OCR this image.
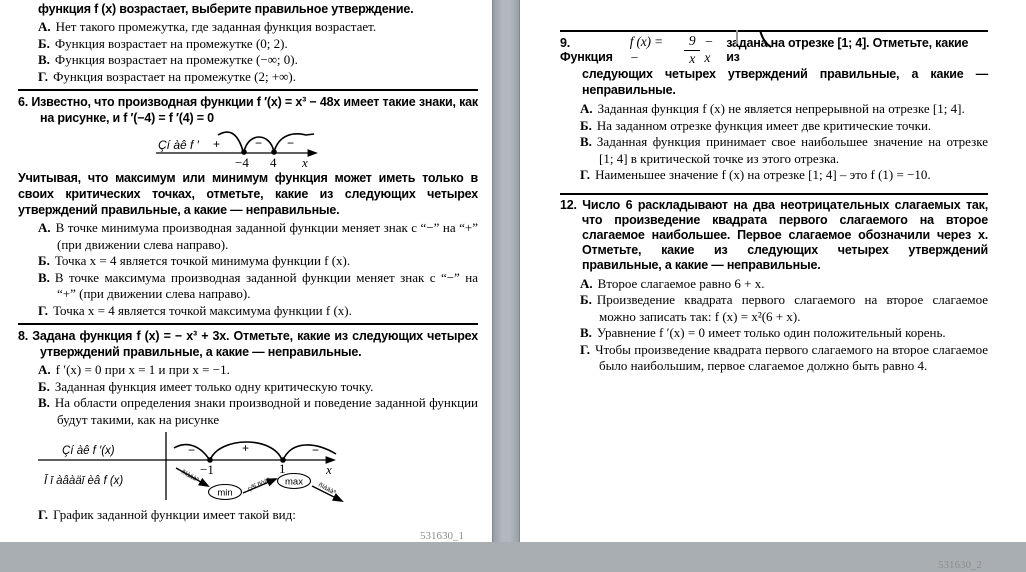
функция f (x) возрастает, выберите правильное утверждение.
А. Нет такого промежутка, где заданная функция возрастает.
Б. Функция возрастает на промежутке (0; 2).
В. Функция возрастает на промежутке (−∞; 0).
Г. Функция возрастает на промежутке (2; +∞).
6. Известно, что производная функции f ′(x) = x³ − 48x имеет такие знаки, как на рисунке, и f ′(−4) = f ′(4) = 0
Çí àê f ′ +	− −
−4 4 x
Учитывая, что максимум или минимум функция может иметь только в своих критических точках, отметьте, какие из следующих четырех утверждений правильные, а какие — неправильные.
А. В точке минимума производная заданной функции меняет знак с “−” на “+” (при движении слева направо).
Б. Точка x = 4 является точкой минимума функции f (x).
В. В точке максимума производная заданной функции меняет знак с “−” на “+” (при движении слева направо).
Г. Точка x = 4 является точкой максимума функции f (x).
8. Задана функция f (x) = − x³ + 3x. Отметьте, какие из следующих четырех утверждений правильные, а какие — неправильные.
А. f ′(x) = 0 при x = 1 и при x = −1.
Б. Заданная функция имеет только одну критическую точку.
В. На области определения знаки производной и поведение заданной функции будут такими, как на рисунке
Çí àê f ′(x)
Ī ī àâàäī èâ f (x)
−	+	−
−1	1	x
ñïàäàº
min
çðî ñòàº max ñïàäàº
Г. График заданной функции имеет такой вид:
531630_1
9. Функция
f (x) = −	$\frac{9}{x} - x$
задана на отрезке [1; 4]. Отметьте, какие из
следующих четырех утверждений правильные, а какие — неправильные.
А. Заданная функция f (x) не является непрерывной на отрезке [1; 4].
Б. На заданном отрезке функция имеет две критические точки.
В. Заданная функция принимает свое наибольшее значение на отрезке [1; 4] в критической точке из этого отрезка.
Г. Наименьшее значение f (x) на отрезке [1; 4] – это f (1) = −10.
12. Число 6 раскладывают на два неотрицательных слагаемых так, что произведение квадрата первого слагаемого на второе слагаемое наибольшее. Первое слагаемое обозначили через x. Отметьте, какие из следующих четырех утверждений правильные, а какие — неправильные.
А. Второе слагаемое равно 6 + x.
Б. Произведение квадрата первого слагаемого на второе слагаемое можно записать так: f (x) = x²(6 + x).
В. Уравнение f ′(x) = 0 имеет только один положительный корень.
Г. Чтобы произведение квадрата первого слагаемого на второе слагаемое было наибольшим, первое слагаемое должно быть равно 4.
531630_2
